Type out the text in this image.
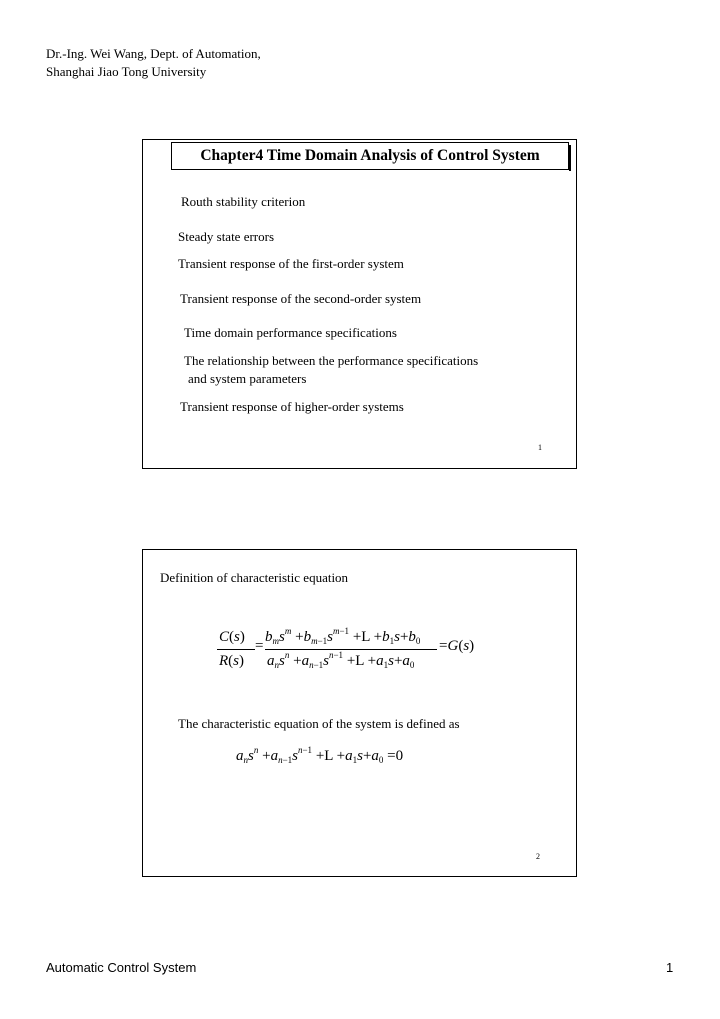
Dr.-Ing. Wei Wang, Dept. of Automation,
Shanghai Jiao Tong University
Chapter4 Time Domain Analysis of Control System
Routh stability criterion
Steady state errors
Transient response of the first-order system
Transient response of the second-order system
Time domain performance specifications
The relationship between the performance specifications
and system parameters
Transient response of higher-order systems
1
Definition of characteristic equation
C(s)
R(s)
=
$b_ms^m +b_{m-1}s^{m-1} +L +b_1s+b_0$
$a_ns^n +a_{n-1}s^{n-1} +L +a_1s+a_0$
=G(s)
The characteristic equation of the system is defined as
$a_ns^n +a_{n-1}s^{n-1} +L +a_1s+a_0 =0$
2
Automatic Control System	1
